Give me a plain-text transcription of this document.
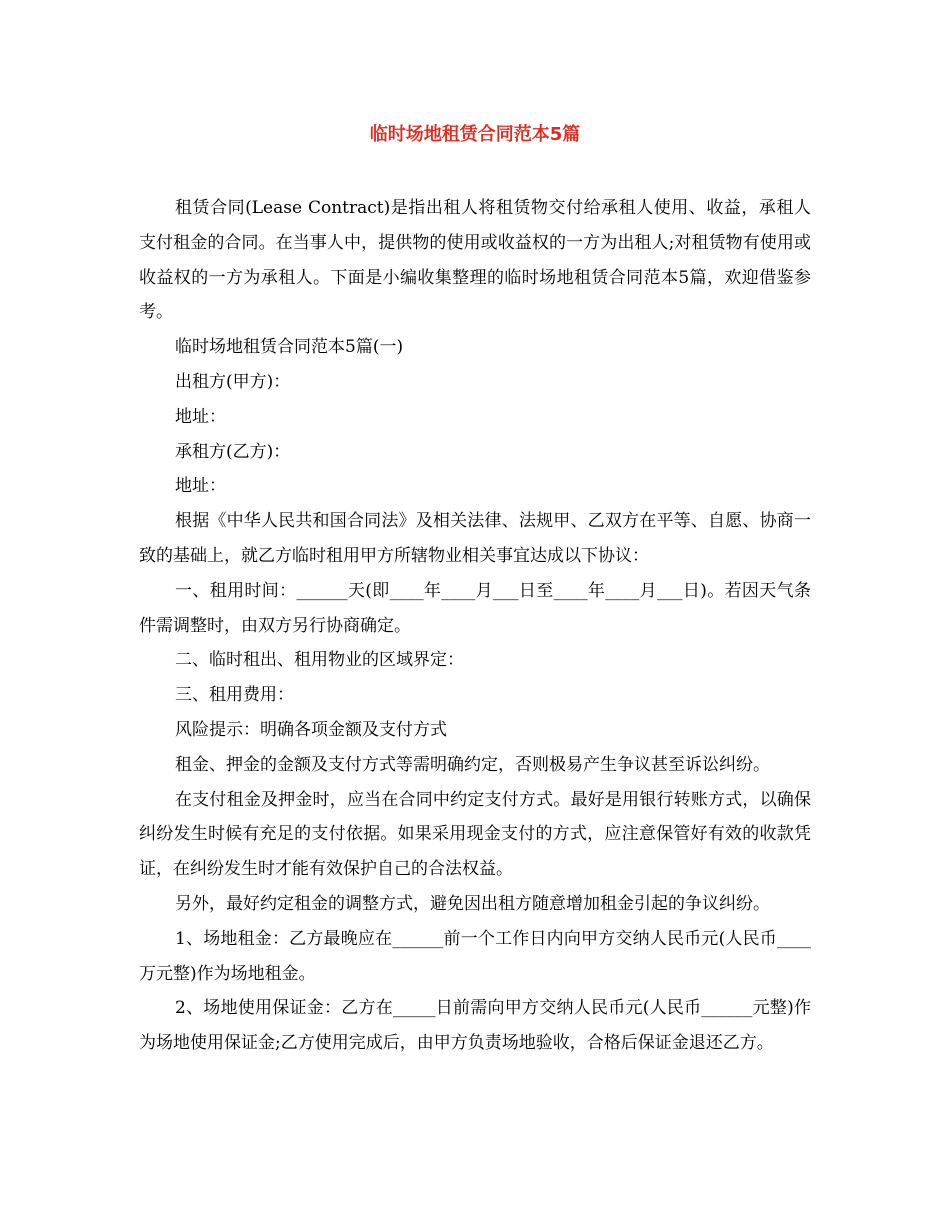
临时场地租赁合同范本5篇

租赁合同(Lease Contract)是指出租人将租赁物交付给承租人使用、收益，承租人支付租金的合同。在当事人中，提供物的使用或收益权的一方为出租人;对租赁物有使用或收益权的一方为承租人。下面是小编收集整理的临时场地租赁合同范本5篇，欢迎借鉴参考。

临时场地租赁合同范本5篇(一)

出租方(甲方)：

地址：

承租方(乙方)：

地址：

根据《中华人民共和国合同法》及相关法律、法规甲、乙双方在平等、自愿、协商一致的基础上，就乙方临时租用甲方所辖物业相关事宜达成以下协议：

一、租用时间：______天(即____年____月___日至____年____月___日)。若因天气条件需调整时，由双方另行协商确定。

二、临时租出、租用物业的区域界定：

三、租用费用：

风险提示：明确各项金额及支付方式

租金、押金的金额及支付方式等需明确约定，否则极易产生争议甚至诉讼纠纷。

在支付租金及押金时，应当在合同中约定支付方式。最好是用银行转账方式，以确保纠纷发生时候有充足的支付依据。如果采用现金支付的方式，应注意保管好有效的收款凭证，在纠纷发生时才能有效保护自己的合法权益。

另外，最好约定租金的调整方式，避免因出租方随意增加租金引起的争议纠纷。

1、场地租金：乙方最晚应在______前一个工作日内向甲方交纳人民币元(人民币____万元整)作为场地租金。

2、场地使用保证金：乙方在_____日前需向甲方交纳人民币元(人民币______元整)作为场地使用保证金;乙方使用完成后，由甲方负责场地验收，合格后保证金退还乙方。
